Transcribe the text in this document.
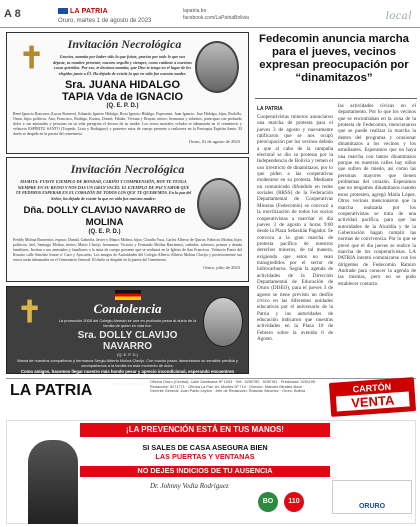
A 8	LA PATRIA
Oruro, martes 1 de agosto de 2023
lapatria.bo
facebook.com/LaPatriaBolivia	local
✝	Invitación Necrológica
Gracias, mamita por haber sido la que fuiste, gracias por todo lo que nos dejaste, tu nombre presente, nuestro orgullo y siempre, como cuidaste a nuestras cosas queridas. Por eso, te decimos mamita, que Dios te tenga en el lugar de los elegidos junto a Él. Ha dejado de existir la que en vida fue nuestra madre.
Sra. JUANA HIDALGO
TAPIA Vda de IGNACIO
(Q. E. P. D.)
René Ignacio Ronceros (Lucas Romero), Eduardo Igancio Hidalgo, Rosa Ignacio Hidalgo, Esperanza, Juan Ignacio, Jose Hidalgo, hijos, Rodolfo, Omar, hijos políticos, Ana, Francisco, Rodrigo, Karina, Daniel, Fabián, Viviana y Brayan, nietos; hermanos y sobrinos, participan con profundo dolor a sus amistades y personas en su vida peregrina el deceso de su madre. Los restos mortales velados se inhumarán en el cementerio y velatorio ESPÍRITU SANTO (Tropedo, Lizia y Rodriguez) y posterior misa de cuerpo presente a realizarse en la Parroquia Espíritu Santo. El duelo se despide en la puerta del cementerio.
Oruro, 01 de agosto de 2023
Invitación Necrológica
MAMITA: FUISTE EJEMPLO DE BONDAD, CARIÑO Y COMPRENSIÓN, HOY TE TENGA SIEMPRE EN SU REINO Y NOS DAS UN GRAN VACÍO. EL EJEMPLO DE PAZ Y AMOR QUE TE PEDIMOS ESPERAR EN EL CORAZÓN DE TODOS LOS QUE TE QUEREMOS. En la paz del Señor, ha dejado de existir la que en vida fue nuestra madre:
Dña. DOLLY CLAVIJO NAVARRO de MOLINA
(Q. E. P. D.)
Freddy Molina Barrientos, esposo; Dannil, Gabriela, Javier y Mauro Molina, hijos; Claudia Vaca, Carlos Alberto de Quiroz, Fabricio Molina, hijos políticos; Jael, Santiago Molina, nietos; Mario Clavijo, hermanos; Victoria y Fernando Molina Barrientos, cuñados; sobrinos, primos y demás familiares. Invitan a sus amistades y familiares a la misa de cuerpo presente que se realizará en la Iglesia de San Francisco. Velatorio Paseo del Rosario calle Sánchez Iriarte e/ Caro y Ayacucho. Los amigos de Autoridades del Colegio Alberto Alberto Molina Clavijo y posteriormente sus restos serán inhumados en el Cementerio General. El duelo se despide en la puerta del Cementerio.
Oruro, julio de 2023
✝	Condolencia
La promoción 2008 del Colegio Alemán se une en profundo pesar al duelo de la familia de quien en vida fue:
Sra. DOLLY CLAVIJO NAVARRO
(Q. E. P. D.)
Mamá de nuestros compañeros y hermanos Sergio Alberto Molina Clavijo. Con mucho pesar, lamentamos su sensible pérdida y acompañamos a la familia en este momento de dolor.
Como amigos, hacemos llegar nuestro más hondo pesar y aprecio incondicional, esperando encuentren consuelo en la vida eterna y memorias de una persona tan querida por todos
Oruro, julio de 2023
Fedecomin anuncia marcha para el jueves, vecinos expresan preocupación por “dinamitazos”
LA PATRIA
Cooperativistas mineros anunciaron una marcha de protesta para el jueves 3 de agosto y nuevamente ratificaron que se nos ocupó preocupación por los vecinos debido a que al cabo de la campaña electoral se dio su protesta por la Independencia de Bolivia y temen el uso irrestricto de dinamitazos, por lo que piden a las cooperativas moderarse en su protesta. Mediante un comunicado difundido en redes sociales (RRSS) de la Federación Departamental de Cooperativas Mineras (Fedecomin) se convocó a la movilización de todos los socios cooperativistas a marchar el día jueves 3 de agosto a horas 9:00 desde la Plaza Sebastián Pagador. Se convoca a la gran marcha de protesta pacífica de nuestros derechos mineros, de tal manera, exigiendo que estos no sean transgredidos por el sector de hidrocarburos. Según la agenda de actividades de la Dirección Departamental de Educación de Oruro (DDEO), para el jueves 3 de agosto se tiene previsto un desfile cívico en las diferentes unidades educativas por el aniversario de la Patria y las autoridades de educación indicaron que nuestras actividades en la Plaza 10 de Febrero sobre la avenida 6 de Agosto.
las actividades cívicas en el departamento. Por lo que los vecinos que se encontraban en la zona de la protesta de Fedecomin, mencionaron que se puede realizar la marcha la dentro del programa y ocasionar dinamitazos a los vecinos y los estudiantes. Esperamos que no haya una marcha con tantos dinamitazos porque en nuestras calles hay niños que sufren de miedo, así como las personas mayores que tienen problemas del corazón. Esperamos que no tengamos dinamitazos cuando estos protesten, agregó María López. Otros vecinos mencionaron que la marcha realizada por los cooperativistas se trata de una actividad pacífica, para que las autoridades de la Alcaldía y de la Gobernación hagan cumplir las normas de convivencia. Por lo que se prevé que el día jueves se realice la marcha de los cooperativistas. LA PATRIA intentó comunicarse con los dirigentes de Fedecomin Ramiro Andrade para conocer la agenda de las mismas, pero no se pudo establecer contacto.
LA PATRIA	Oficina Oruro (Central): Calle Zambrana Nº 1003 · Telf.: 5250780 · 5250781 · Publicidad: 5251195 · Redacción: 5271771 · Oficina La Paz: Av. Montes Nº 714 · Director: Marcelo Miralles Bové · Gerente General: Juan Pablo Leyton · Jefe de Redacción: Rolando Sánchez · Oruro, Bolivia	CARTÓN
VENTA
¡LA PREVENCIÓN ESTÁ EN TUS MANOS!
SI SALES DE CASA ASEGURA BIEN
LAS PUERTAS Y VENTANAS
NO DEJES INDICIOS DE TU AUSENCIA
Dr. Johnny Vedia Rodríguez
BO	110
ORURO
